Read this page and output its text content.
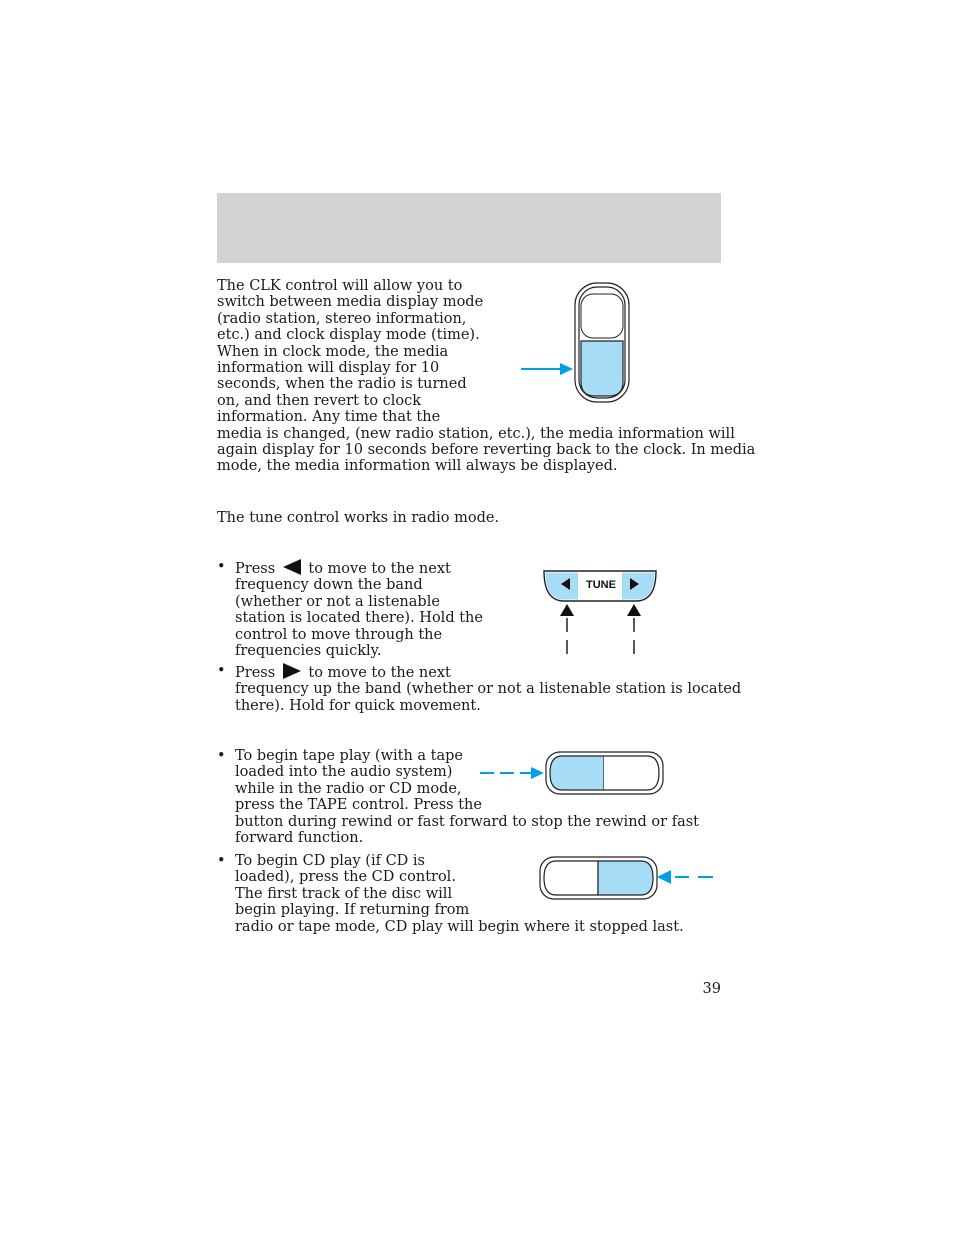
The CLK control will allow you to
switch between media display mode
(radio station, stereo information,
etc.) and clock display mode (time).
When in clock mode, the media
information will display for 10
seconds, when the radio is turned
on, and then revert to clock
information. Any time that the
media is changed, (new radio station, etc.), the media information will
again display for 10 seconds before reverting back to the clock. In media
mode, the media information will always be displayed.
The tune control works in radio mode.
• Press to move to the next
frequency down the band
(whether or not a listenable
station is located there). Hold the
control to move through the
frequencies quickly.
TUNE
• Press to move to the next
frequency up the band (whether or not a listenable station is located
there). Hold for quick movement.
• To begin tape play (with a tape
loaded into the audio system)
while in the radio or CD mode,
press the TAPE control. Press the
button during rewind or fast forward to stop the rewind or fast
forward function.
• To begin CD play (if CD is
loaded), press the CD control.
The first track of the disc will
begin playing. If returning from
radio or tape mode, CD play will begin where it stopped last.
39
